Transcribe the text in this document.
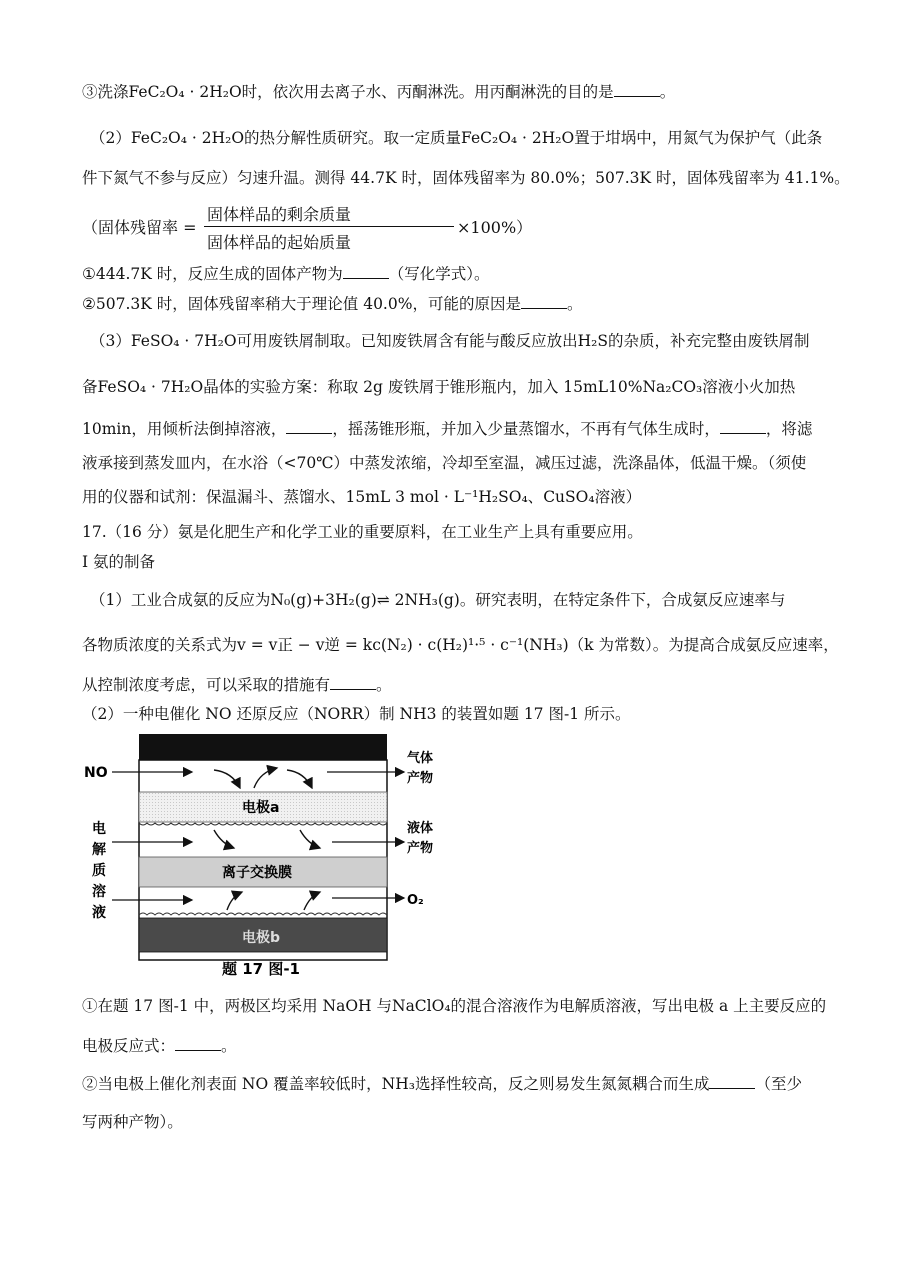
③洗涤FeC₂O₄ · 2H₂O时，依次用去离子水、丙酮淋洗。用丙酮淋洗的目的是	。
（2）FeC₂O₄ · 2H₂O的热分解性质研究。取一定质量FeC₂O₄ · 2H₂O置于坩埚中，用氮气为保护气（此条
件下氮气不参与反应）匀速升温。测得 44.7K 时，固体残留率为 80.0%；507.3K 时，固体残留率为 41.1%。
（固体残留率 =
固体样品的剩余质量
固体样品的起始质量
×100%）
①444.7K 时，反应生成的固体产物为	（写化学式）。
②507.3K 时，固体残留率稍大于理论值 40.0%，可能的原因是	。
（3）FeSO₄ · 7H₂O可用废铁屑制取。已知废铁屑含有能与酸反应放出H₂S的杂质，补充完整由废铁屑制
备FeSO₄ · 7H₂O晶体的实验方案：称取 2g 废铁屑于锥形瓶内，加入 15mL10%Na₂CO₃溶液小火加热
10min，用倾析法倒掉溶液，	，摇荡锥形瓶，并加入少量蒸馏水，不再有气体生成时，	，将滤
液承接到蒸发皿内，在水浴（<70℃）中蒸发浓缩，冷却至室温，减压过滤，洗涤晶体，低温干燥。（须使
用的仪器和试剂：保温漏斗、蒸馏水、15mL 3 mol · L⁻¹H₂SO₄、CuSO₄溶液）
17.（16 分）氨是化肥生产和化学工业的重要原料，在工业生产上具有重要应用。
Ⅰ 氨的制备
（1）工业合成氨的反应为N₀(g)+3H₂(g)⇌ 2NH₃(g)。研究表明，在特定条件下，合成氨反应速率与
各物质浓度的关系式为v = v正 − v逆 = kc(N₂) · c(H₂)¹·⁵ · c⁻¹(NH₃)（k 为常数）。为提高合成氨反应速率，
从控制浓度考虑，可以采取的措施有	。
（2）一种电催化 NO 还原反应（NORR）制 NH3 的装置如题 17 图-1 所示。
NO
电
解
质
溶
液
气体
产物
液体
产物
O₂
电极a
离子交换膜
电极b
题 17 图-1
①在题 17 图-1 中，两极区均采用 NaOH 与NaClO₄的混合溶液作为电解质溶液，写出电极 a 上主要反应的
电极反应式：	。
②当电极上催化剂表面 NO 覆盖率较低时，NH₃选择性较高，反之则易发生氮氮耦合而生成	（至少
写两种产物）。
